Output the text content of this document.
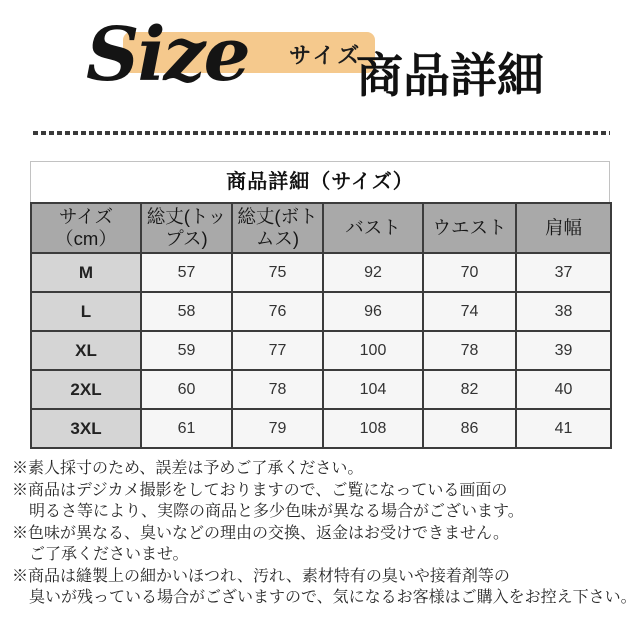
Size サイズ
商品詳細
商品詳細（サイズ）
サイズ（cm）	総丈(トップス)	総丈(ボトムス)	バスト	ウエスト	肩幅
M	57	75	92	70	37
L	58	76	96	74	38
XL	59	77	100	78	39
2XL	60	78	104	82	40
3XL	61	79	108	86	41
※素人採寸のため、誤差は予めご了承ください。
※商品はデジカメ撮影をしておりますので、ご覧になっている画面の
明るさ等により、実際の商品と多少色味が異なる場合がございます。
※色味が異なる、臭いなどの理由の交換、返金はお受けできません。
ご了承くださいませ。
※商品は縫製上の細かいほつれ、汚れ、素材特有の臭いや接着剤等の
臭いが残っている場合がございますので、気になるお客様はご購入をお控え下さい。
